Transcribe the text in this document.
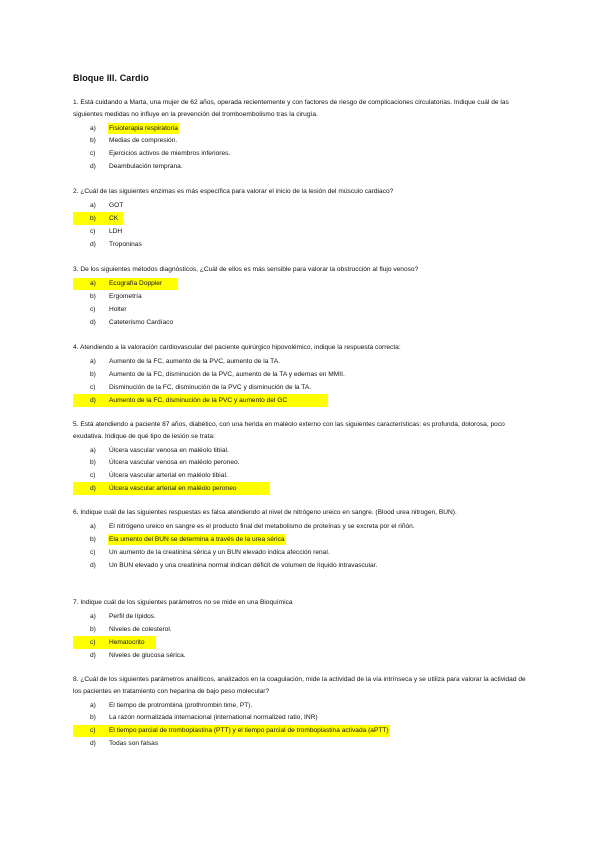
Bloque III. Cardio

1. Está cuidando a Marta, una mujer de 62 años, operada recientemente y con factores de riesgo de complicaciones circulatorias. Indique cuál de las siguientes medidas no influye en la prevención del tromboembolismo tras la cirugía.

a)	Fisioterapia respiratoria
b)	Medias de compresión.
c)	Ejercicios activos de miembros inferiores.
d)	Deambulación temprana.

2. ¿Cuál de las siguientes enzimas es más específica para valorar el inicio de la lesión del músculo cardiaco?

a)	GOT
b)	CK
c)	LDH
d)	Troponinas

3. De los siguientes métodos diagnósticos, ¿Cuál de ellos es más sensible para valorar la obstrucción al flujo venoso?

a)	Ecografía Doppler
b)	Ergometría
c)	Holter
d)	Cateterismo Cardíaco

4. Atendiendo a la valoración cardiovascular del paciente quirúrgico hipovolémico, indique la respuesta correcta:

a)	Aumento de la FC, aumento de la PVC, aumento de la TA.
b)	Aumento de la FC, disminución de la PVC, aumento de la TA y edemas en MMII.
c)	Disminución de la FC, disminución de la PVC y disminución de la TA.
d)	Aumento de la FC, disminución de la PVC y aumento del GC

5. Está atendiendo a paciente 87 años, diabético, con una herida en maléolo externo con las siguientes características: es profunda, dolorosa, poco exudativa. Indique de qué tipo de lesión se trata:

a)	Úlcera vascular venosa en maléolo tibial.
b)	Úlcera vascular venosa en maléolo peroneo.
c)	Úlcera vascular arterial en maléolo tibial.
d)	Úlcera vascular arterial en maléolo peroneo

6. Indique cuál de las siguientes respuestas es falsa atendiendo al nivel de nitrógeno ureico en sangre. (Blood urea nitrogen, BUN).

a)	El nitrógeno ureico en sangre es el producto final del metabolismo de proteínas y se excreta por el riñón.
b)	Ela umento del BUN se determina a través de la urea sérica
c)	Un aumento de la creatinina sérica y un BUN elevado indica afección renal.
d)	Un BUN elevado y una creatinina normal indican déficit de volumen de líquido intravascular.

7. Indique cuál de los siguientes parámetros no se mide en una Bioquímica

a)	Perfil de lípidos.
b)	Niveles de colesterol.
c)	Hematocrito
d)	Niveles de glucosa sérica.

8. ¿Cuál de los siguientes parámetros analíticos, analizados en la coagulación, mide la actividad de la vía intrínseca y se utiliza para valorar la actividad de los pacientes en tratamiento con heparina de bajo peso molecular?

a)	El tiempo de protrombina (prothrombin time, PT).
b)	La razón normalizada internacional (international normalized ratio, INR)
c)	El tiempo parcial de tromboplastina (PTT) y el tiempo parcial de tromboplastina activada (aPTT)
d)	Todas son falsas
